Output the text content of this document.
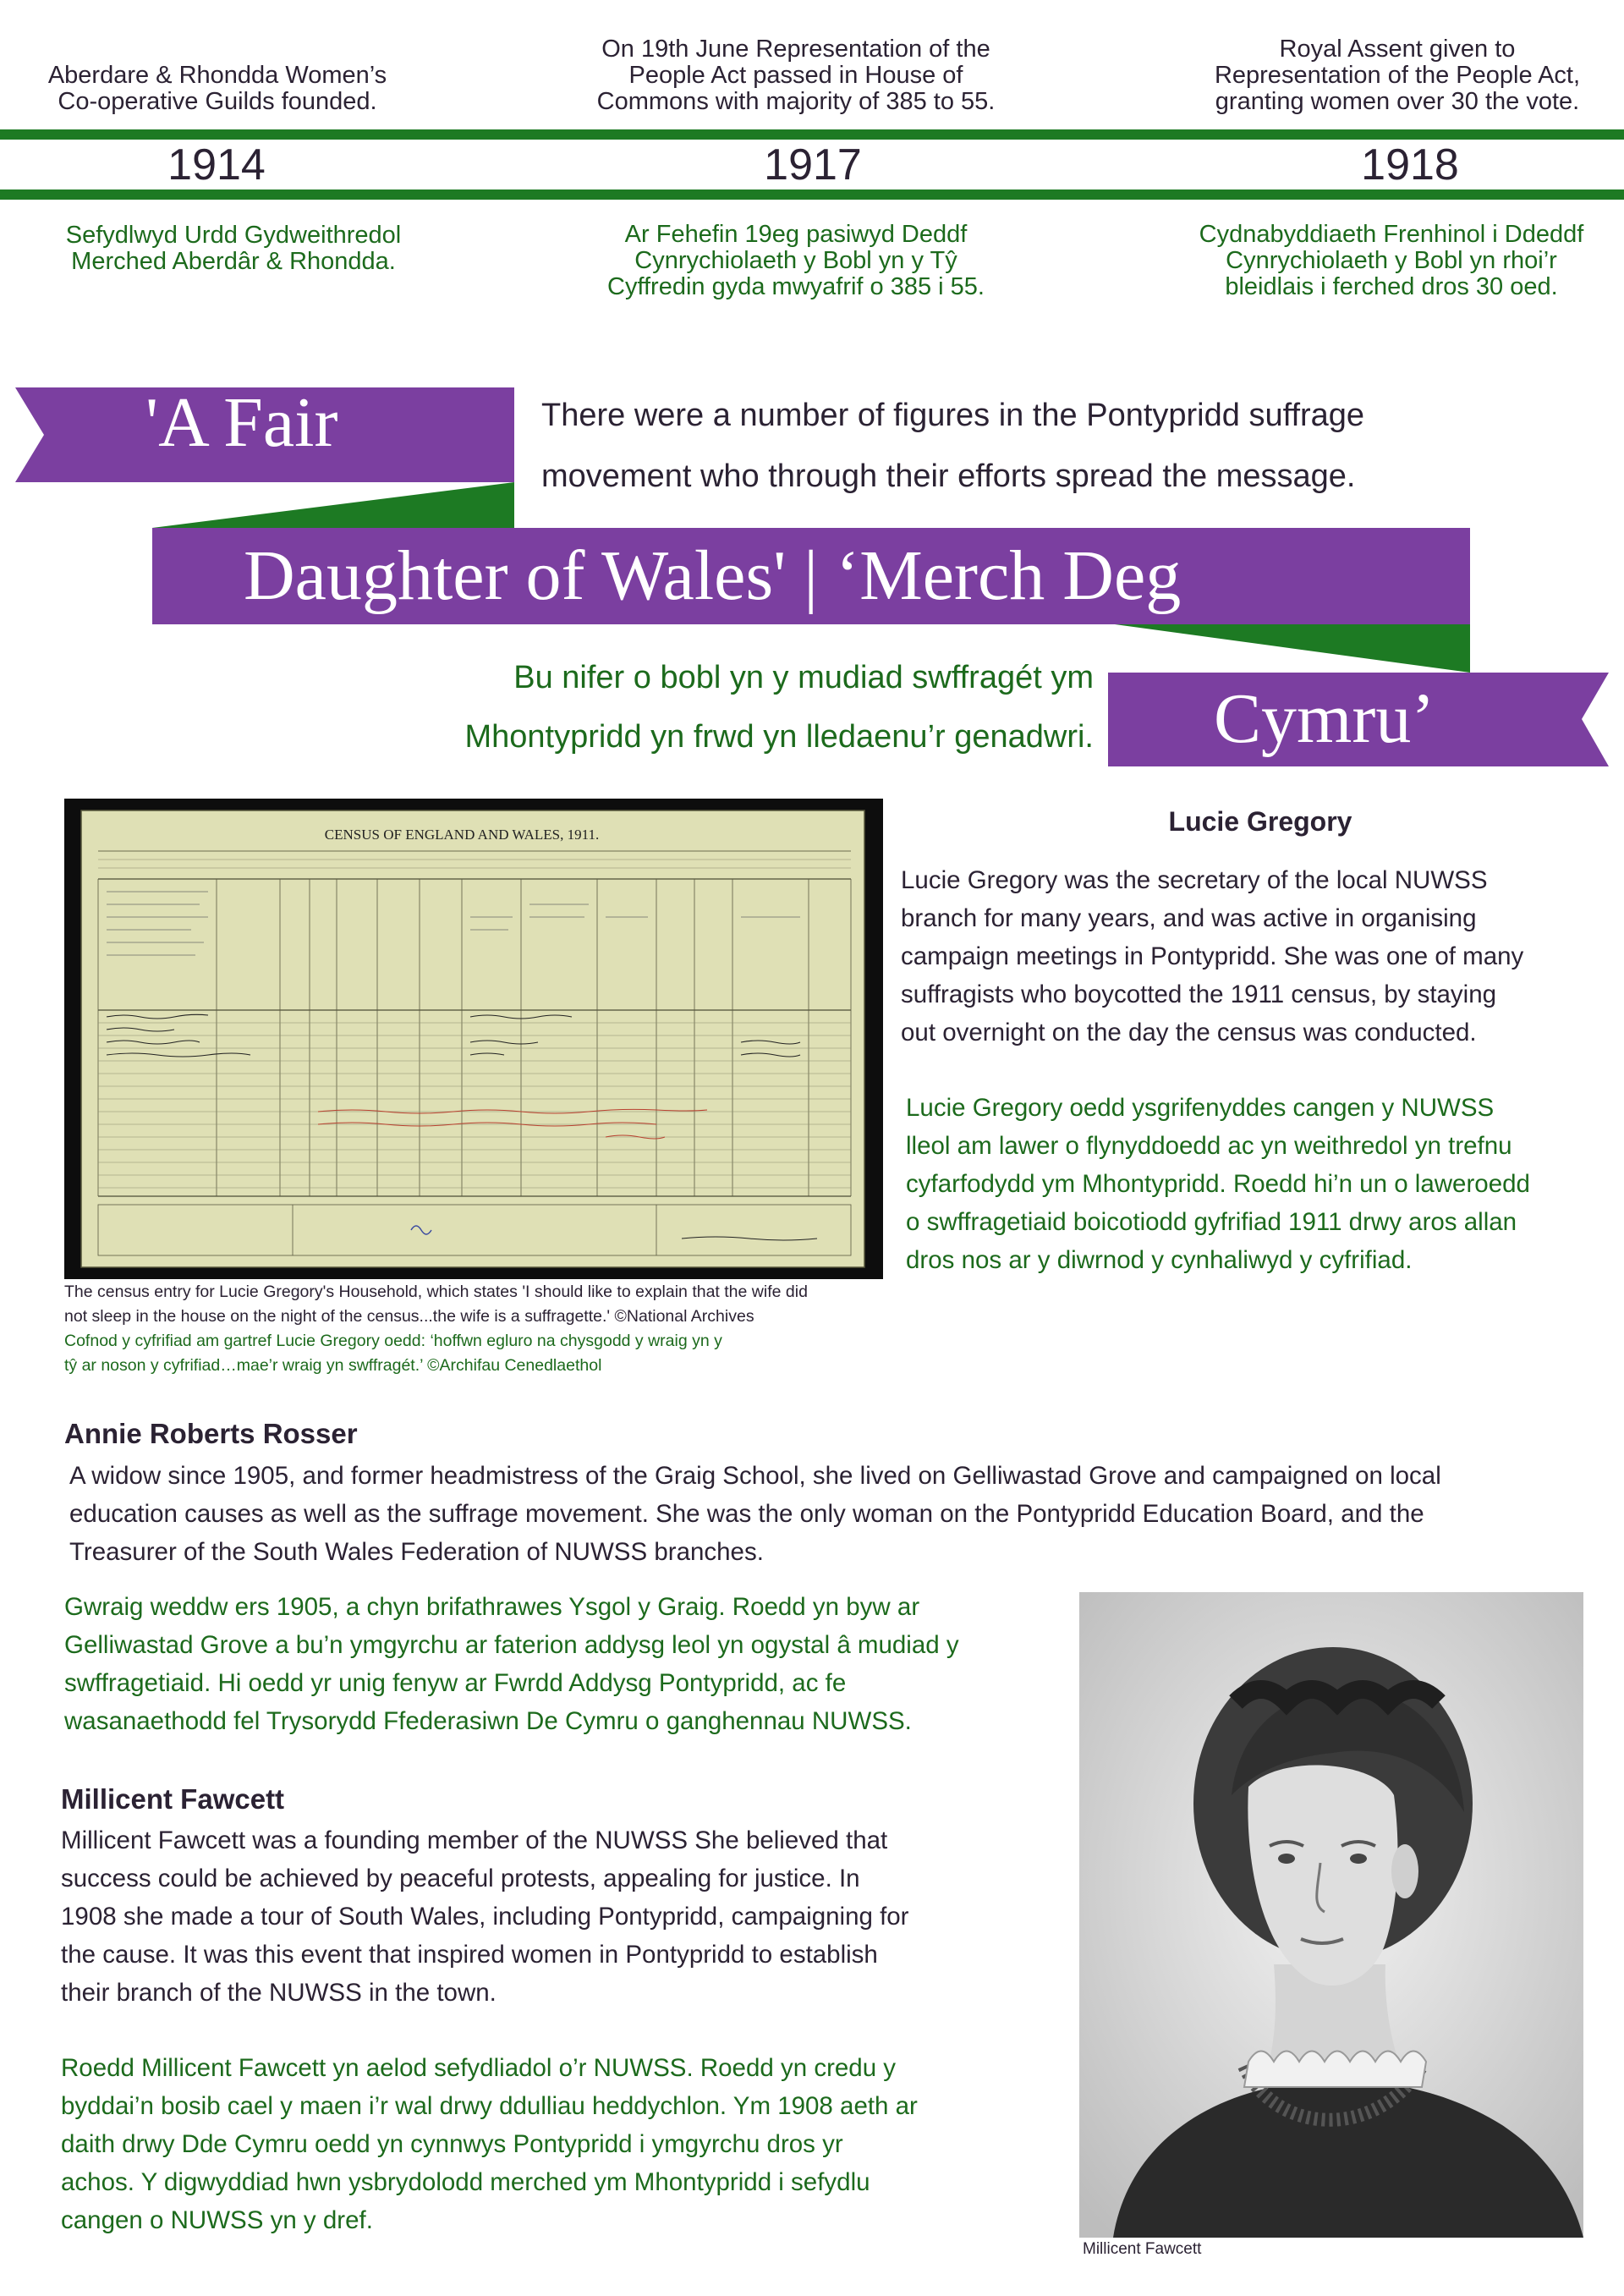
Aberdare & Rhondda Women’s
Co-operative Guilds founded.
On 19th June Representation of the
People Act passed in House of
Commons with majority of 385 to 55.
Royal Assent given to
Representation of the People Act,
granting women over 30 the vote.
1914	1917	1918
Sefydlwyd Urdd Gydweithredol
Merched Aberdâr & Rhondda.
Ar Fehefin 19eg pasiwyd Deddf
Cynrychiolaeth y Bobl yn y Tŷ
Cyffredin gyda mwyafrif o 385 i 55.
Cydnabyddiaeth Frenhinol i Ddeddf
Cynrychiolaeth y Bobl yn rhoi’r
bleidlais i ferched dros 30 oed.
'A Fair
Daughter of Wales' | ‘Merch Deg
Cymru’
There were a number of figures in the Pontypridd suffrage
movement who through their efforts spread the message.
Bu nifer o bobl yn y mudiad swffragét ym
Mhontypridd yn frwd yn lledaenu’r genadwri.
CENSUS OF ENGLAND AND WALES, 1911.
The census entry for Lucie Gregory's Household, which states 'I should like to explain that the wife did
not sleep in the house on the night of the census...the wife is a suffragette.' ©National Archives
Cofnod y cyfrifiad am gartref Lucie Gregory oedd: ‘hoffwn egluro na chysgodd y wraig yn y
tŷ ar noson y cyfrifiad…mae’r wraig yn swffragét.’ ©Archifau Cenedlaethol
Lucie Gregory
Lucie Gregory was the secretary of the local NUWSS
branch for many years, and was active in organising
campaign meetings in Pontypridd. She was one of many
suffragists who boycotted the 1911 census, by staying
out overnight on the day the census was conducted.
Lucie Gregory oedd ysgrifenyddes cangen y NUWSS
lleol am lawer o flynyddoedd ac yn weithredol yn trefnu
cyfarfodydd ym Mhontypridd. Roedd hi’n un o laweroedd
o swffragetiaid boicotiodd gyfrifiad 1911 drwy aros allan
dros nos ar y diwrnod y cynhaliwyd y cyfrifiad.
Annie Roberts Rosser
A widow since 1905, and former headmistress of the Graig School, she lived on Gelliwastad Grove and campaigned on local
education causes as well as the suffrage movement. She was the only woman on the Pontypridd Education Board, and the
Treasurer of the South Wales Federation of NUWSS branches.
Gwraig weddw ers 1905, a chyn brifathrawes Ysgol y Graig. Roedd yn byw ar
Gelliwastad Grove a bu’n ymgyrchu ar faterion addysg leol yn ogystal â mudiad y
swffragetiaid. Hi oedd yr unig fenyw ar Fwrdd Addysg Pontypridd, ac fe
wasanaethodd fel Trysorydd Ffederasiwn De Cymru o ganghennau NUWSS.
Millicent Fawcett
Millicent Fawcett was a founding member of the NUWSS She believed that
success could be achieved by peaceful protests, appealing for justice. In
1908 she made a tour of South Wales, including Pontypridd, campaigning for
the cause. It was this event that inspired women in Pontypridd to establish
their branch of the NUWSS in the town.
Roedd Millicent Fawcett yn aelod sefydliadol o’r NUWSS. Roedd yn credu y
byddai’n bosib cael y maen i’r wal drwy ddulliau heddychlon. Ym 1908 aeth ar
daith drwy Dde Cymru oedd yn cynnwys Pontypridd i ymgyrchu dros yr
achos. Y digwyddiad hwn ysbrydolodd merched ym Mhontypridd i sefydlu
cangen o NUWSS yn y dref.
Millicent Fawcett
